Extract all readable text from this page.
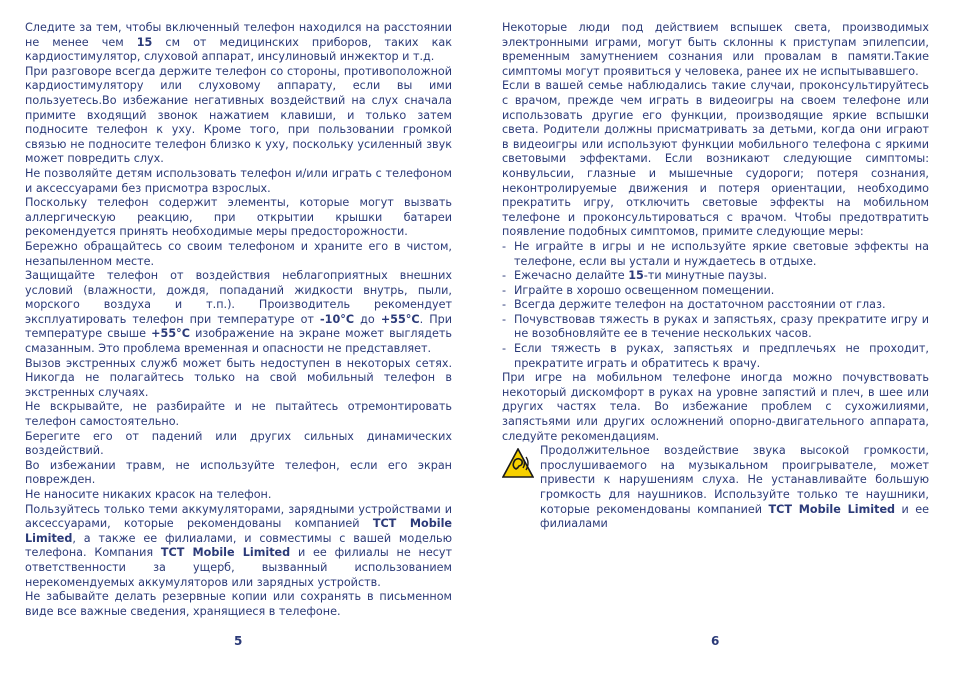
Следите за тем, чтобы включенный телефон находился на расстоянии не менее чем 15 см от медицинских приборов, таких как кардиостимулятор, слуховой аппарат, инсулиновый инжектор и т.д.

При разговоре всегда держите телефон со стороны, противоположной кардиостимулятору или слуховому аппарату, если вы ими пользуетесь.Во избежание негативных воздействий на слух сначала примите входящий звонок нажатием клавиши, и только затем подносите телефон к уху. Кроме того, при пользовании громкой связью не подносите телефон близко к уху, поскольку усиленный звук может повредить слух.

Не позволяйте детям использовать телефон и/или играть с телефоном и аксессуарами без присмотра взрослых.

Поскольку телефон содержит элементы, которые могут вызвать аллергическую реакцию, при открытии крышки батареи рекомендуется принять необходимые меры предосторожности.

Бережно обращайтесь со своим телефоном и храните его в чистом, незапыленном месте.

Защищайте телефон от воздействия неблагоприятных внешних условий (влажности, дождя, попаданий жидкости внутрь, пыли, морского воздуха и т.п.). Производитель рекомендует эксплуатировать телефон при температуре от -10°C до +55°C. При температуре свыше +55°C изображение на экране может выглядеть смазанным. Это проблема временная и опасности не представляет.

Вызов экстренных служб может быть недоступен в некоторых сетях. Никогда не полагайтесь только на свой мобильный телефон в экстренных случаях.

Не вскрывайте, не разбирайте и не пытайтесь отремонтировать телефон самостоятельно.

Берегите его от падений или других сильных динамических воздействий.

Во избежании травм, не используйте телефон, если его экран поврежден.

Не наносите никаких красок на телефон.

Пользуйтесь только теми аккумуляторами, зарядными устройствами и аксессуарами, которые рекомендованы компанией TCT Mobile Limited, а также ее филиалами, и совместимы с вашей моделью телефона. Компания TCT Mobile Limited и ее филиалы не несут ответственности за ущерб, вызванный использованием нерекомендуемых аккумуляторов или зарядных устройств.

Не забывайте делать резервные копии или сохранять в письменном виде все важные сведения, хранящиеся в телефоне.

Некоторые люди под действием вспышек света, производимых электронными играми, могут быть склонны к приступам эпилепсии, временным замутнением сознания или провалам в памяти.Такие симптомы могут проявиться у человека, ранее их не испытывавшего.

Если в вашей семье наблюдались такие случаи, проконсультируйтесь с врачом, прежде чем играть в видеоигры на своем телефоне или использовать другие его функции, производящие яркие вспышки света. Родители должны присматривать за детьми, когда они играют в видеоигры или используют функции мобильного телефона с яркими световыми эффектами. Если возникают следующие симптомы: конвульсии, глазные и мышечные судороги; потеря сознания, неконтролируемые движения и потеря ориентации, необходимо прекратить игру, отключить световые эффекты на мобильном телефоне и проконсультироваться с врачом. Чтобы предотвратить появление подобных симптомов, примите следующие меры:

- Не играйте в игры и не используйте яркие световые эффекты на телефоне, если вы устали и нуждаетесь в отдыхе.
- Ежечасно делайте 15-ти минутные паузы.
- Играйте в хорошо освещенном помещении.
- Всегда держите телефон на достаточном расстоянии от глаз.
- Почувствовав тяжесть в руках и запястьях, сразу прекратите игру и не возобновляйте ее в течение нескольких часов.
- Если тяжесть в руках, запястьях и предплечьях не проходит, прекратите играть и обратитесь к врачу.

При игре на мобильном телефоне иногда можно почувствовать некоторый дискомфорт в руках на уровне запястий и плеч, в шее или других частях тела. Во избежание проблем с сухожилиями, запястьями или других осложнений опорно-двигательного аппарата, следуйте рекомендациям.

Продолжительное воздействие звука высокой громкости, прослушиваемого на музыкальном проигрывателе, может привести к нарушениям слуха. Не устанавливайте большую громкость для наушников. Используйте только те наушники, которые рекомендованы компанией TCT Mobile Limited и ее филиалами

5	6
